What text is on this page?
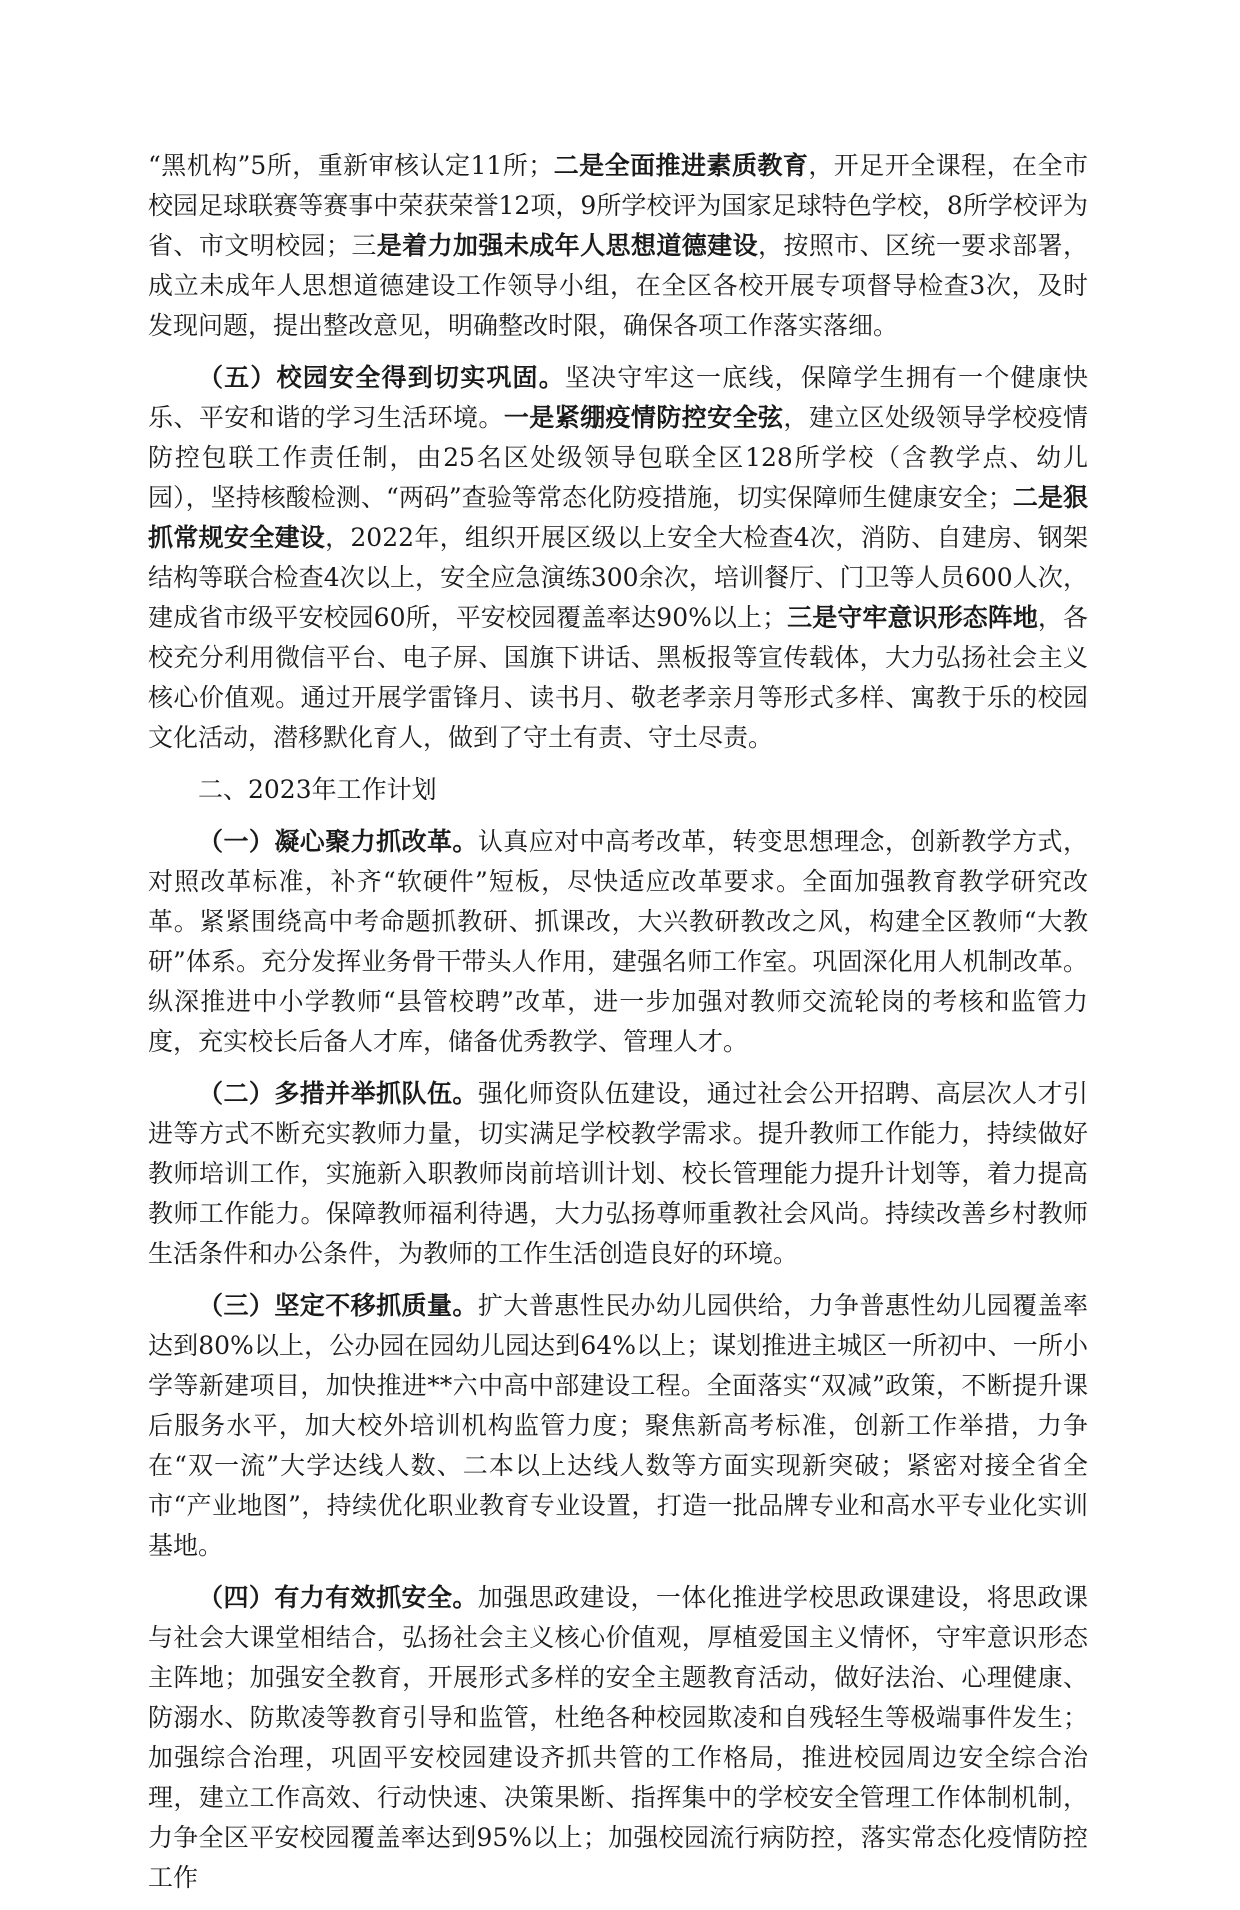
“黑机构”5所，重新审核认定11所；二是全面推进素质教育，开足开全课程，在全市校园足球联赛等赛事中荣获荣誉12项，9所学校评为国家足球特色学校，8所学校评为省、市文明校园；三是着力加强未成年人思想道德建设，按照市、区统一要求部署，成立未成年人思想道德建设工作领导小组，在全区各校开展专项督导检查3次，及时发现问题，提出整改意见，明确整改时限，确保各项工作落实落细。

（五）校园安全得到切实巩固。坚决守牢这一底线，保障学生拥有一个健康快乐、平安和谐的学习生活环境。一是紧绷疫情防控安全弦，建立区处级领导学校疫情防控包联工作责任制，由25名区处级领导包联全区128所学校（含教学点、幼儿园），坚持核酸检测、“两码”查验等常态化防疫措施，切实保障师生健康安全；二是狠抓常规安全建设，2022年，组织开展区级以上安全大检查4次，消防、自建房、钢架结构等联合检查4次以上，安全应急演练300余次，培训餐厅、门卫等人员600人次，建成省市级平安校园60所，平安校园覆盖率达90%以上；三是守牢意识形态阵地，各校充分利用微信平台、电子屏、国旗下讲话、黑板报等宣传载体，大力弘扬社会主义核心价值观。通过开展学雷锋月、读书月、敬老孝亲月等形式多样、寓教于乐的校园文化活动，潜移默化育人，做到了守土有责、守土尽责。

二、2023年工作计划

（一）凝心聚力抓改革。认真应对中高考改革，转变思想理念，创新教学方式，对照改革标准，补齐“软硬件”短板，尽快适应改革要求。全面加强教育教学研究改革。紧紧围绕高中考命题抓教研、抓课改，大兴教研教改之风，构建全区教师“大教研”体系。充分发挥业务骨干带头人作用，建强名师工作室。巩固深化用人机制改革。纵深推进中小学教师“县管校聘”改革，进一步加强对教师交流轮岗的考核和监管力度，充实校长后备人才库，储备优秀教学、管理人才。

（二）多措并举抓队伍。强化师资队伍建设，通过社会公开招聘、高层次人才引进等方式不断充实教师力量，切实满足学校教学需求。提升教师工作能力，持续做好教师培训工作，实施新入职教师岗前培训计划、校长管理能力提升计划等，着力提高教师工作能力。保障教师福利待遇，大力弘扬尊师重教社会风尚。持续改善乡村教师生活条件和办公条件，为教师的工作生活创造良好的环境。

（三）坚定不移抓质量。扩大普惠性民办幼儿园供给，力争普惠性幼儿园覆盖率达到80%以上，公办园在园幼儿园达到64%以上；谋划推进主城区一所初中、一所小学等新建项目，加快推进**六中高中部建设工程。全面落实“双减”政策，不断提升课后服务水平，加大校外培训机构监管力度；聚焦新高考标准，创新工作举措，力争在“双一流”大学达线人数、二本以上达线人数等方面实现新突破；紧密对接全省全市“产业地图”，持续优化职业教育专业设置，打造一批品牌专业和高水平专业化实训基地。

（四）有力有效抓安全。加强思政建设，一体化推进学校思政课建设，将思政课与社会大课堂相结合，弘扬社会主义核心价值观，厚植爱国主义情怀，守牢意识形态主阵地；加强安全教育，开展形式多样的安全主题教育活动，做好法治、心理健康、防溺水、防欺凌等教育引导和监管，杜绝各种校园欺凌和自残轻生等极端事件发生；加强综合治理，巩固平安校园建设齐抓共管的工作格局，推进校园周边安全综合治理，建立工作高效、行动快速、决策果断、指挥集中的学校安全管理工作体制机制，力争全区平安校园覆盖率达到95%以上；加强校园流行病防控，落实常态化疫情防控工作
